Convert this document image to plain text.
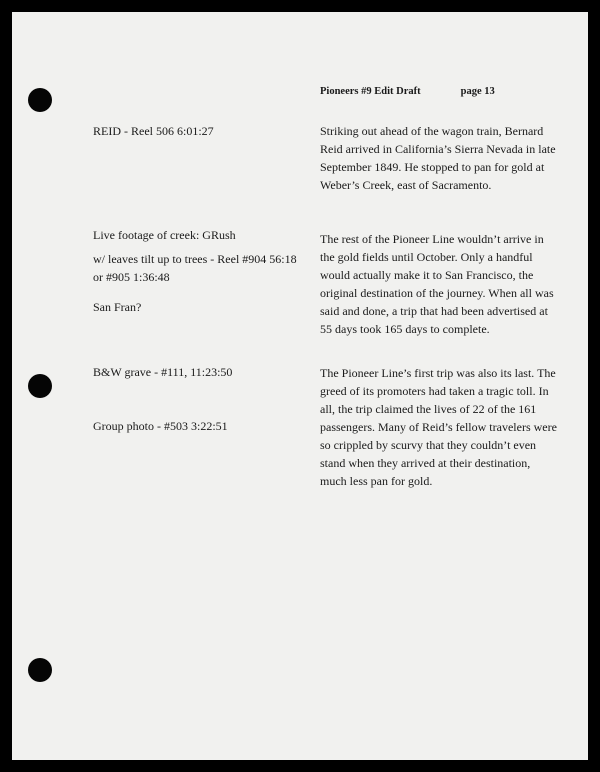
Pioneers #9 Edit Draft	page 13

REID - Reel 506 6:01:27

Live footage of creek: GRush

w/ leaves tilt up to trees - Reel #904 56:18 or #905 1:36:48

San Fran?

B&W grave - #111, 11:23:50

Group photo - #503 3:22:51

Striking out ahead of the wagon train, Bernard Reid arrived in California’s Sierra Nevada in late September 1849. He stopped to pan for gold at Weber’s Creek, east of Sacramento.

The rest of the Pioneer Line wouldn’t arrive in the gold fields until October. Only a handful would actually make it to San Francisco, the original destination of the journey. When all was said and done, a trip that had been advertised at 55 days took 165 days to complete.

The Pioneer Line’s first trip was also its last. The greed of its promoters had taken a tragic toll. In all, the trip claimed the lives of 22 of the 161 passengers. Many of Reid’s fellow travelers were so crippled by scurvy that they couldn’t even stand when they arrived at their destination, much less pan for gold.
